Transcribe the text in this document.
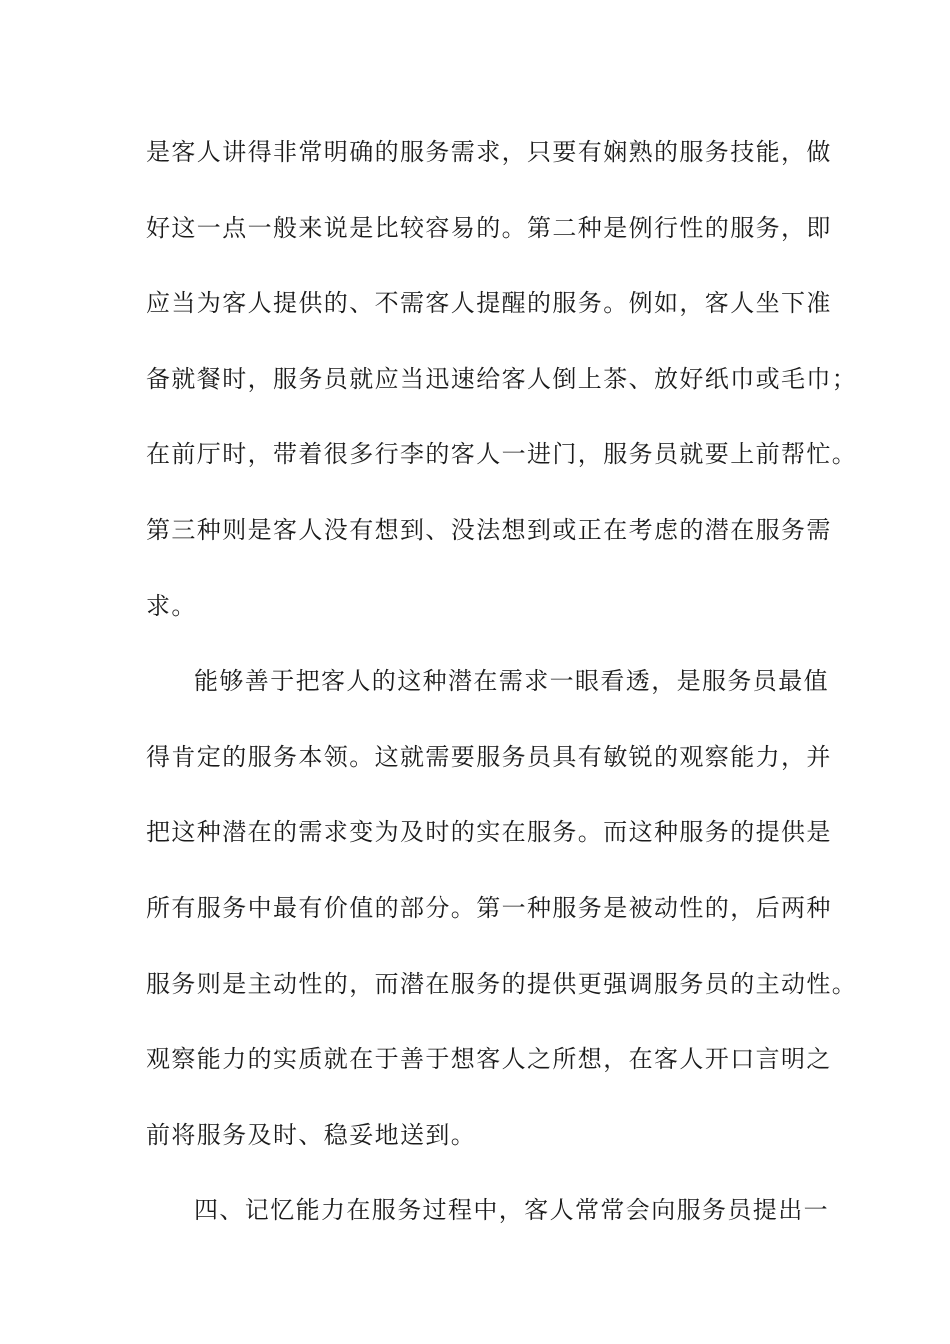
是客人讲得非常明确的服务需求，只要有娴熟的服务技能，做
好这一点一般来说是比较容易的。第二种是例行性的服务，即
应当为客人提供的、不需客人提醒的服务。例如，客人坐下准
备就餐时，服务员就应当迅速给客人倒上茶、放好纸巾或毛巾；
在前厅时，带着很多行李的客人一进门，服务员就要上前帮忙。
第三种则是客人没有想到、没法想到或正在考虑的潜在服务需
求。
能够善于把客人的这种潜在需求一眼看透，是服务员最值
得肯定的服务本领。这就需要服务员具有敏锐的观察能力，并
把这种潜在的需求变为及时的实在服务。而这种服务的提供是
所有服务中最有价值的部分。第一种服务是被动性的，后两种
服务则是主动性的，而潜在服务的提供更强调服务员的主动性。
观察能力的实质就在于善于想客人之所想，在客人开口言明之
前将服务及时、稳妥地送到。
四、记忆能力在服务过程中，客人常常会向服务员提出一
